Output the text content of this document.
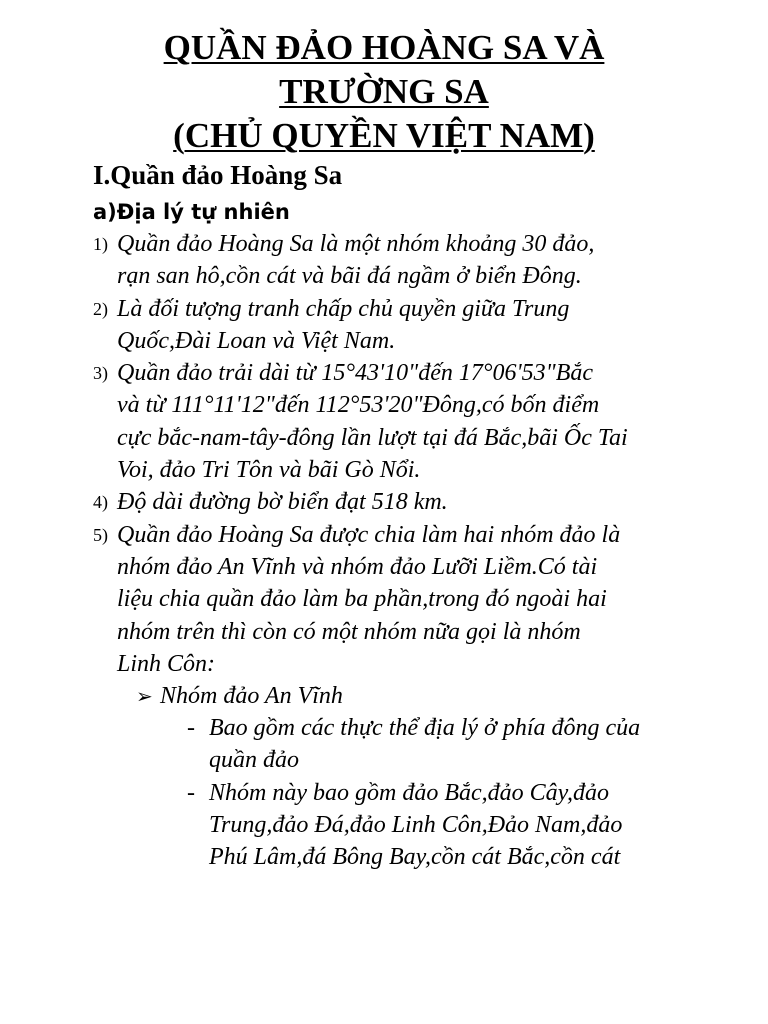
QUẦN ĐẢO HOÀNG SA VÀ
TRƯỜNG SA
(CHỦ QUYỀN VIỆT NAM)
I.Quần đảo Hoàng Sa
a)Địa lý tự nhiên
1) Quần đảo Hoàng Sa là một nhóm khoảng 30 đảo,
rạn san hô,cồn cát và bãi đá ngầm ở biển Đông.
2) Là đối tượng tranh chấp chủ quyền giữa Trung
Quốc,Đài Loan và Việt Nam.
3) Quần đảo trải dài từ 15°43'10"đến 17°06'53"Bắc
và từ 111°11'12"đến 112°53'20"Đông,có bốn điểm
cực bắc-nam-tây-đông lần lượt tại đá Bắc,bãi Ốc Tai
Voi, đảo Tri Tôn và bãi Gò Nổi.
4) Độ dài đường bờ biển đạt 518 km.
5) Quần đảo Hoàng Sa được chia làm hai nhóm đảo là
nhóm đảo An Vĩnh và nhóm đảo Lưỡi Liềm.Có tài
liệu chia quần đảo làm ba phần,trong đó ngoài hai
nhóm trên thì còn có một nhóm nữa gọi là nhóm
Linh Côn:
➢ Nhóm đảo An Vĩnh
- Bao gồm các thực thể địa lý ở phía đông của
quần đảo
- Nhóm này bao gồm đảo Bắc,đảo Cây,đảo
Trung,đảo Đá,đảo Linh Côn,Đảo Nam,đảo
Phú Lâm,đá Bông Bay,cồn cát Bắc,cồn cát
